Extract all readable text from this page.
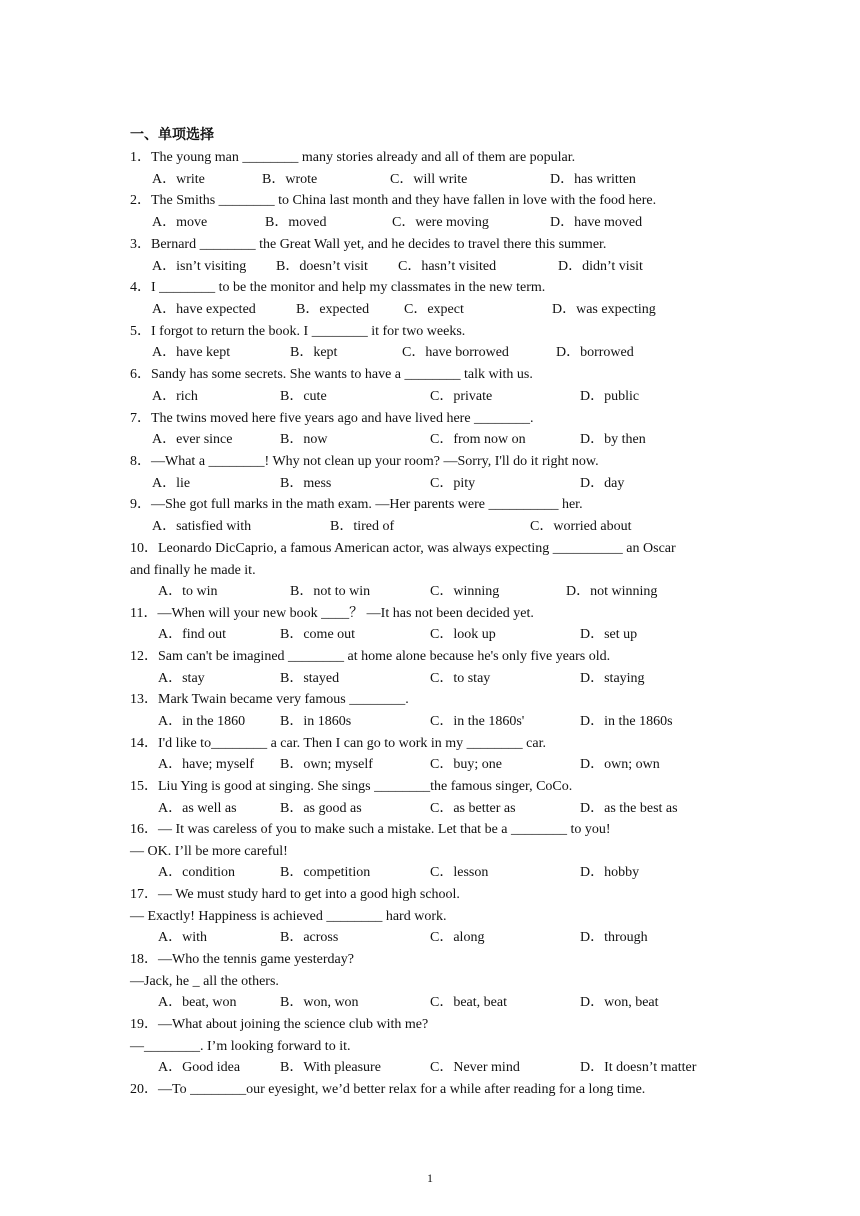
一、单项选择
1．The young man ________ many stories already and all of them are popular.
A．write	B．wrote	C．will write	D．has written
2．The Smiths ________ to China last month and they have fallen in love with the food here.
A．move	B．moved	C．were moving	D．have moved
3．Bernard ________ the Great Wall yet, and he decides to travel there this summer.
A．isn’t visiting B．doesn’t visit C．hasn’t visited	D．didn’t visit
4．I ________ to be the monitor and help my classmates in the new term.
A．have expected	B．expected C．expect	D．was expecting
5．I forgot to return the book. I ________ it for two weeks.
A．have kept	B．kept	C．have borrowed	D．borrowed
6．Sandy has some secrets. She wants to have a ________ talk with us.
A．rich	B．cute	C．private	D．public
7．The twins moved here five years ago and have lived here ________.
A．ever since	B．now	C．from now on	D．by then
8．—What a ________! Why not clean up your room? —Sorry, I'll do it right now.
A．lie	B．mess	C．pity	D．day
9．—She got full marks in the math exam. —Her parents were __________ her.
A．satisfied with	B．tired of	C．worried about
10．Leonardo DicCaprio, a famous American actor, was always expecting __________ an Oscar
and finally he made it.
A．to win	B．not to win	C．winning	D．not winning
11．—When will your new book ____？ —It has not been decided yet.
A．find out	B．come out	C．look up	D．set up
12．Sam can't be imagined ________ at home alone because he's only five years old.
A．stay	B．stayed	C．to stay	D．staying
13．Mark Twain became very famous ________.
A．in the 1860 B．in 1860s	C．in the 1860s'	D．in the 1860s
14．I'd like to________ a car. Then I can go to work in my ________ car.
A．have; myself B．own; myself	C．buy; one	D．own; own
15．Liu Ying is good at singing. She sings ________the famous singer, CoCo.
A．as well as	B．as good as	C．as better as	D．as the best as
16．— It was careless of you to make such a mistake. Let that be a ________ to you!
— OK. I’ll be more careful!
A．condition	B．competition	C．lesson	D．hobby
17．— We must study hard to get into a good high school.
— Exactly! Happiness is achieved ________ hard work.
A．with	B．across	C．along	D．through
18．—Who the tennis game yesterday?
—Jack, he _ all the others.
A．beat, won	B．won, won	C．beat, beat	D．won, beat
19．—What about joining the science club with me?
—________. I’m looking forward to it.
A．Good idea	B．With pleasure	C．Never mind	D．It doesn’t matter
20．—To ________our eyesight, we’d better relax for a while after reading for a long time.
1
